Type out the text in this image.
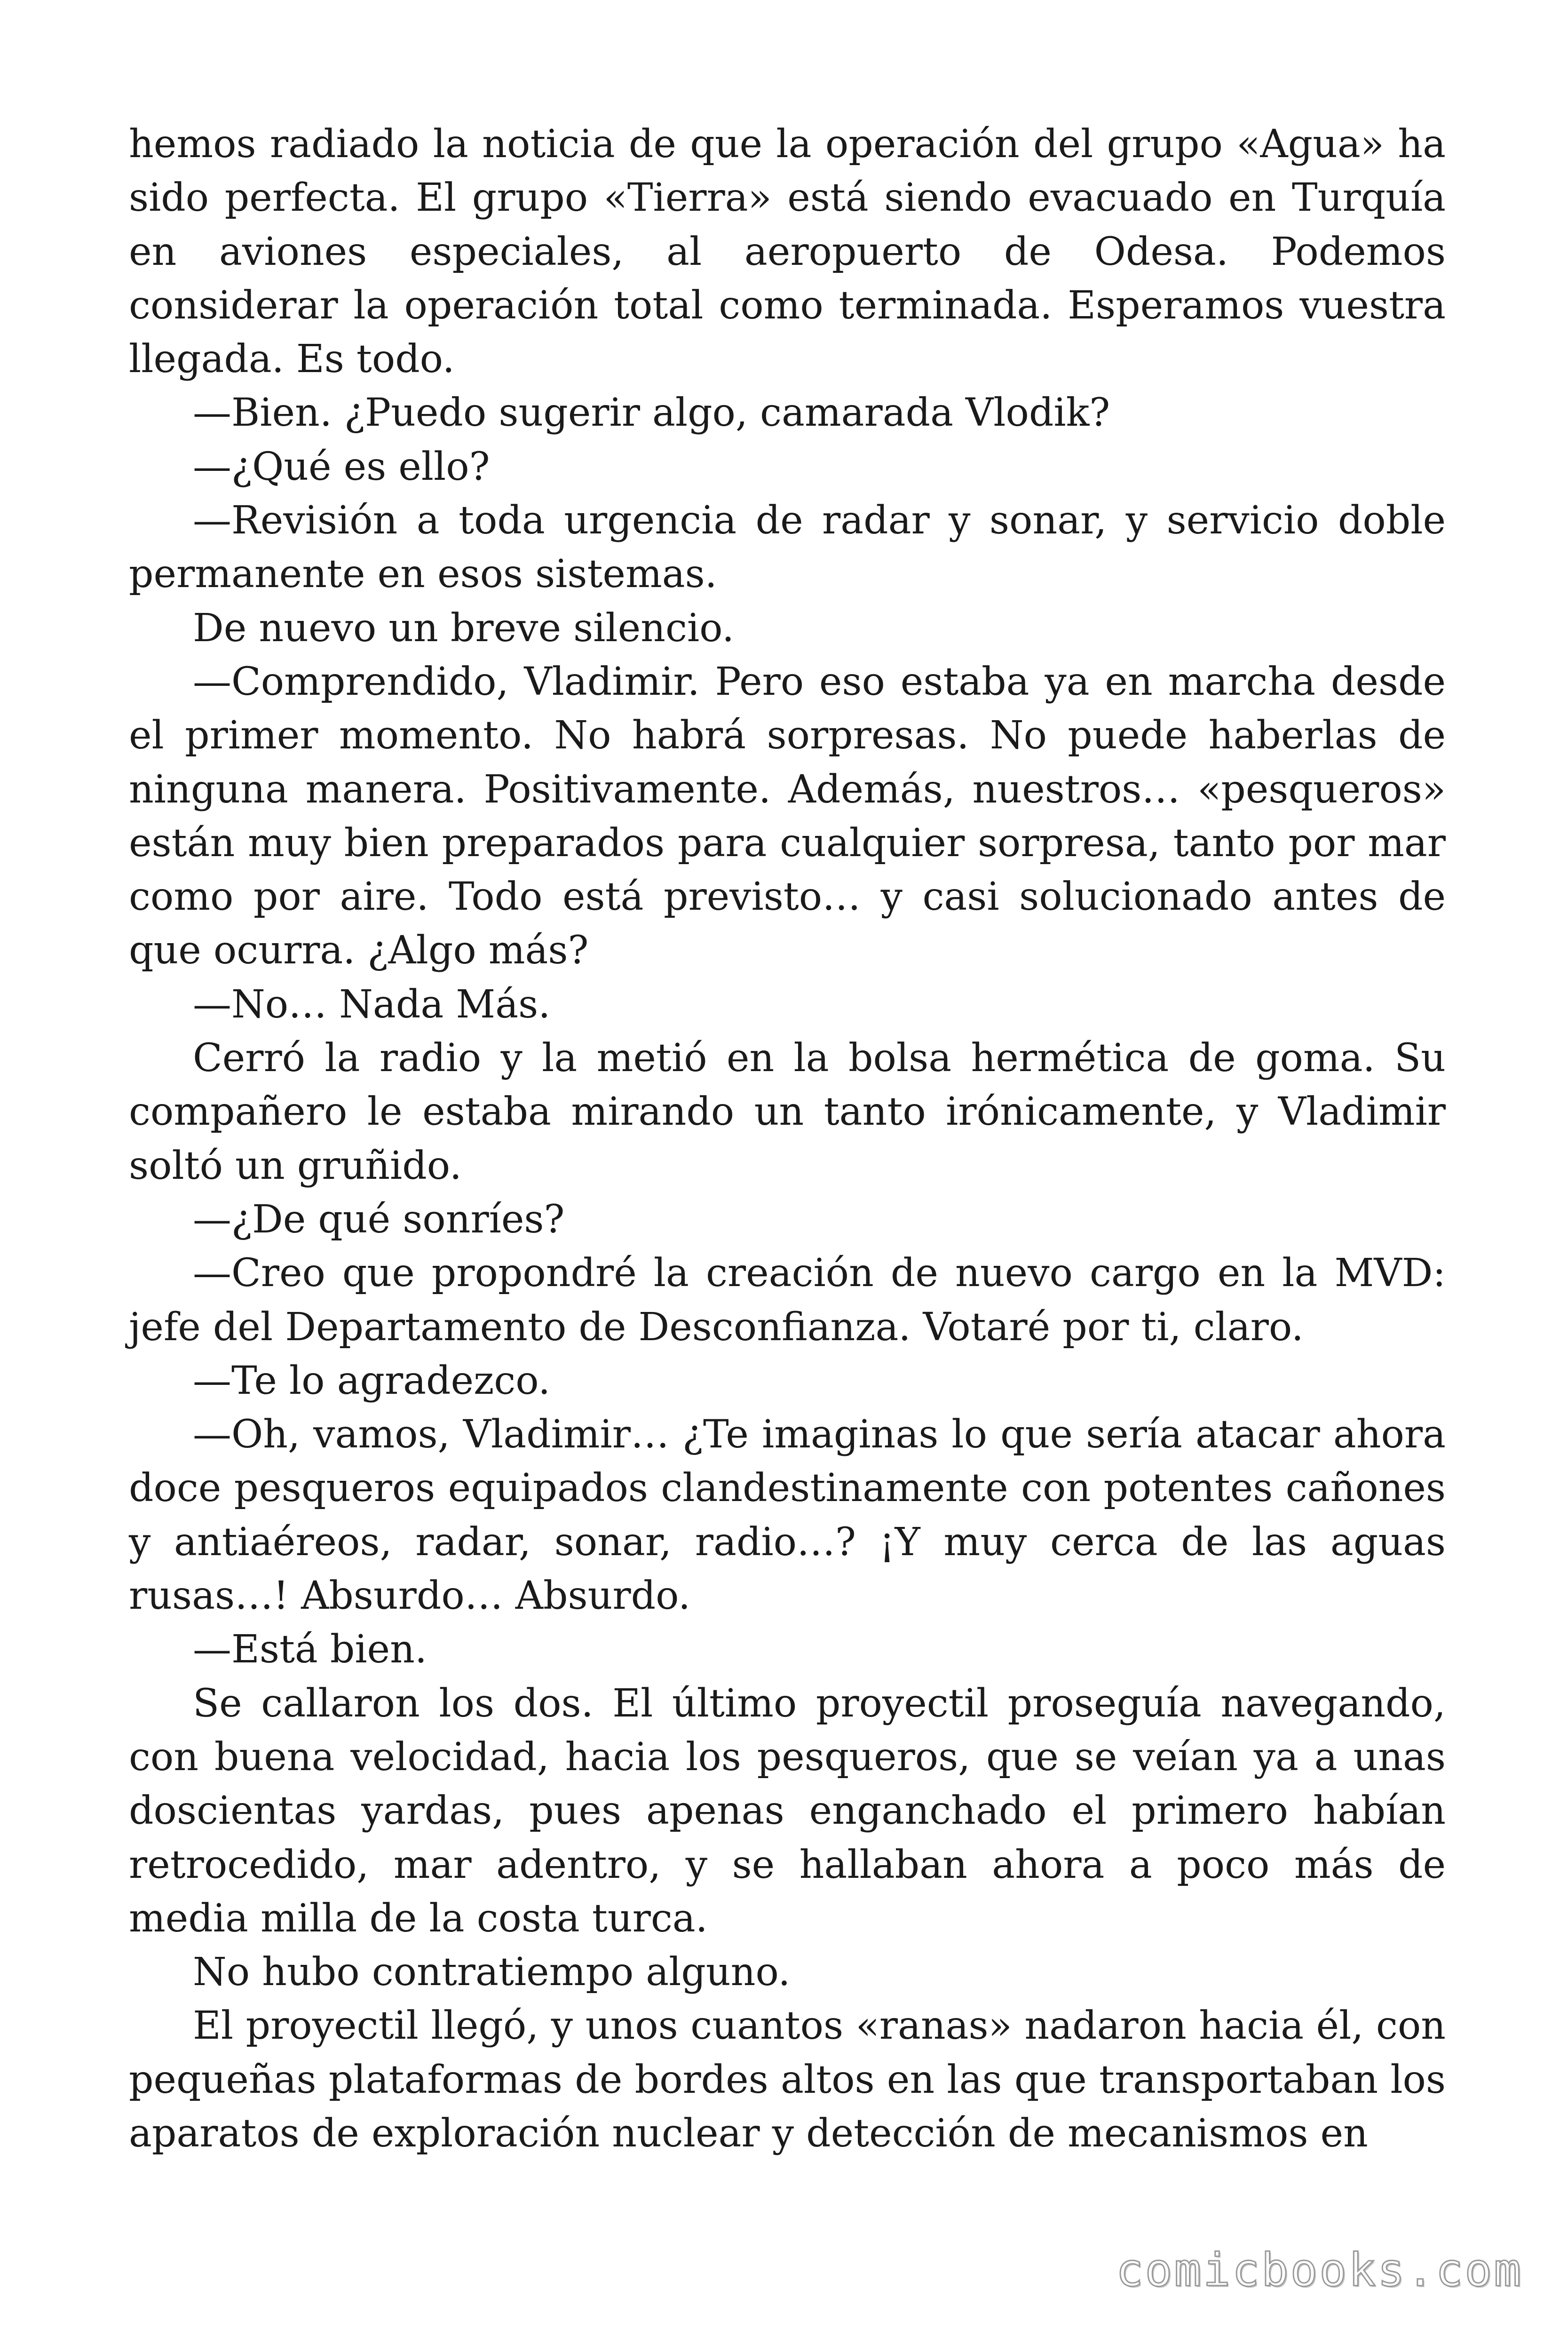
hemos radiado la noticia de que la operación del grupo «Agua» ha sido perfecta. El grupo «Tierra» está siendo evacuado en Turquía en aviones especiales, al aeropuerto de Odesa. Podemos considerar la operación total como terminada. Esperamos vuestra llegada. Es todo.

—Bien. ¿Puedo sugerir algo, camarada Vlodik?

—¿Qué es ello?

—Revisión a toda urgencia de radar y sonar, y servicio doble permanente en esos sistemas.

De nuevo un breve silencio.

—Comprendido, Vladimir. Pero eso estaba ya en marcha desde el primer momento. No habrá sorpresas. No puede haberlas de ninguna manera. Positivamente. Además, nuestros… «pesqueros» están muy bien preparados para cualquier sorpresa, tanto por mar como por aire. Todo está previsto… y casi solucionado antes de que ocurra. ¿Algo más?

—No… Nada Más.

Cerró la radio y la metió en la bolsa hermética de goma. Su compañero le estaba mirando un tanto irónicamente, y Vladimir soltó un gruñido.

—¿De qué sonríes?

—Creo que propondré la creación de nuevo cargo en la MVD: jefe del Departamento de Desconfianza. Votaré por ti, claro.

—Te lo agradezco.

—Oh, vamos, Vladimir… ¿Te imaginas lo que sería atacar ahora doce pesqueros equipados clandestinamente con potentes cañones y antiaéreos, radar, sonar, radio…? ¡Y muy cerca de las aguas rusas…! Absurdo… Absurdo.

—Está bien.

Se callaron los dos. El último proyectil proseguía navegando, con buena velocidad, hacia los pesqueros, que se veían ya a unas doscientas yardas, pues apenas enganchado el primero habían retrocedido, mar adentro, y se hallaban ahora a poco más de media milla de la costa turca.

No hubo contratiempo alguno.

El proyectil llegó, y unos cuantos «ranas» nadaron hacia él, con pequeñas plataformas de bordes altos en las que transportaban los aparatos de exploración nuclear y detección de mecanismos en

comicbooks.com
